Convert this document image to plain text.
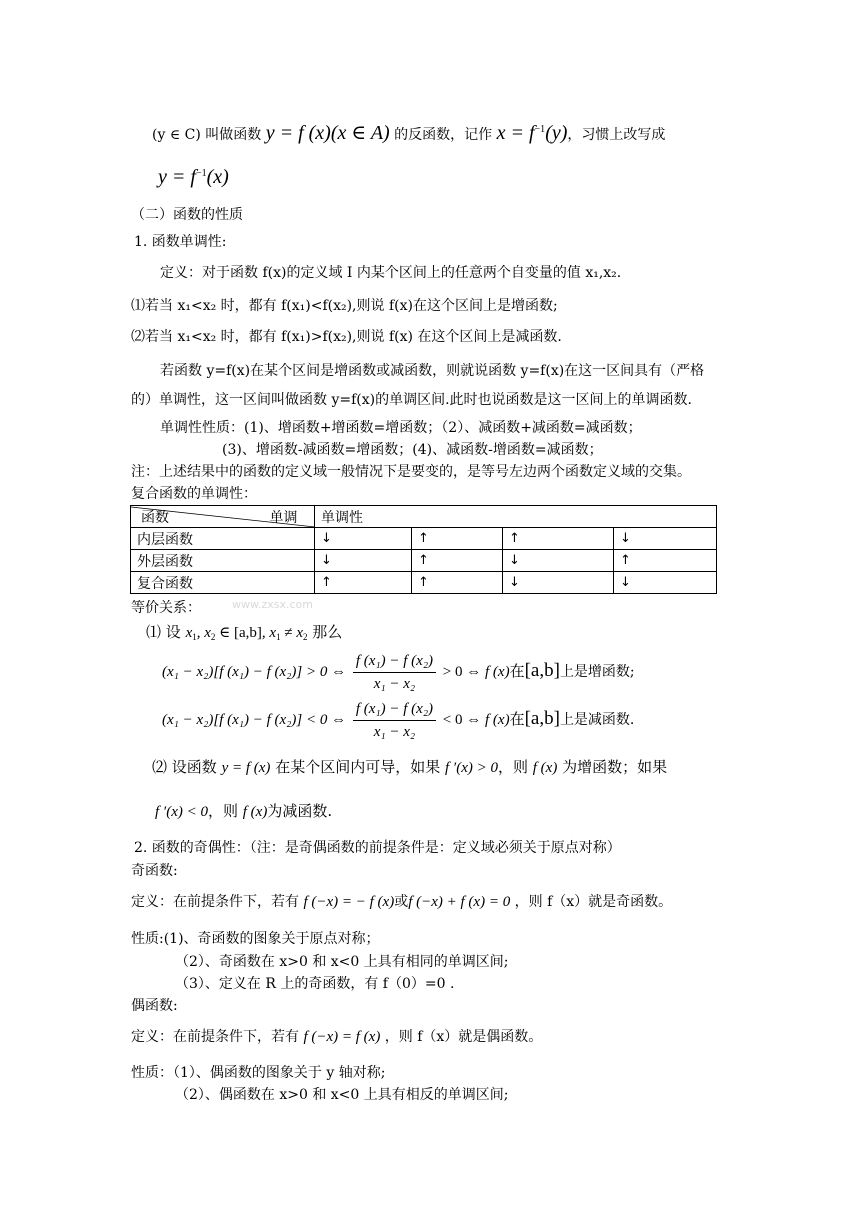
(y ∈ C) 叫做函数 y = f (x)(x ∈ A) 的反函数，记作 $x = f^{-1}(y)$，习惯上改写成
$y = f^{-1}(x)$
（二）函数的性质
1. 函数单调性:
定义：对于函数 f(x)的定义域 I 内某个区间上的任意两个自变量的值 x₁,x₂.
⑴若当 x₁<x₂ 时，都有 f(x₁)<f(x₂),则说 f(x)在这个区间上是增函数;
⑵若当 x₁<x₂ 时，都有 f(x₁)>f(x₂),则说 f(x) 在这个区间上是减函数.
若函数 y=f(x)在某个区间是增函数或减函数，则就说函数 y=f(x)在这一区间具有（严格
的）单调性，这一区间叫做函数 y=f(x)的单调区间.此时也说函数是这一区间上的单调函数.
单调性性质：(1)、增函数+增函数=增函数；（2）、减函数+减函数=减函数；
(3)、增函数-减函数=增函数；(4)、减函数-增函数=减函数；
注：上述结果中的函数的定义域一般情况下是要变的，是等号左边两个函数定义域的交集。
复合函数的单调性：
函数 单调	单调性			
内层函数	↓	↑	↑	↓
外层函数	↓	↑	↓	↑
复合函数	↑	↑	↓	↓
www.zxsx.com
等价关系：
⑴ 设 $x_1$, $x_2$ ∈ [a,b], $x_1 \ne x_2$ 那么
(x₁ − x₂)[f (x₁) − f (x₂)] > 0 ⇔ $\frac{\text{f (x₁) − f (x₂)}}{\text{x₁ − x₂}} > 0$ ⇔ f (x)在[a,b]上是增函数;
(x₁ − x₂)[f (x₁) − f (x₂)] < 0 ⇔ $\frac{\text{f (x₁) − f (x₂)}}{\text{x₁ − x₂}} < 0$ ⇔ f (x)在[a,b]上是减函数.
⑵ 设函数 y = f (x) 在某个区间内可导，如果 f ′(x) > 0，则 f (x) 为增函数；如果
f ′(x) < 0，则 f (x)为减函数.
2. 函数的奇偶性：（注：是奇偶函数的前提条件是：定义域必须关于原点对称）
奇函数:
定义：在前提条件下，若有 f (−x) = − f (x)或f (−x) + f (x) = 0 ，则 f（x）就是奇函数。
性质:(1)、奇函数的图象关于原点对称；
（2）、奇函数在 x>0 和 x<0 上具有相同的单调区间;
（3）、定义在 R 上的奇函数，有 f（0）=0 .
偶函数:
定义：在前提条件下，若有 f (−x) = f (x) ，则 f（x）就是偶函数。
性质：（1）、偶函数的图象关于 y 轴对称;
（2）、偶函数在 x>0 和 x<0 上具有相反的单调区间;
